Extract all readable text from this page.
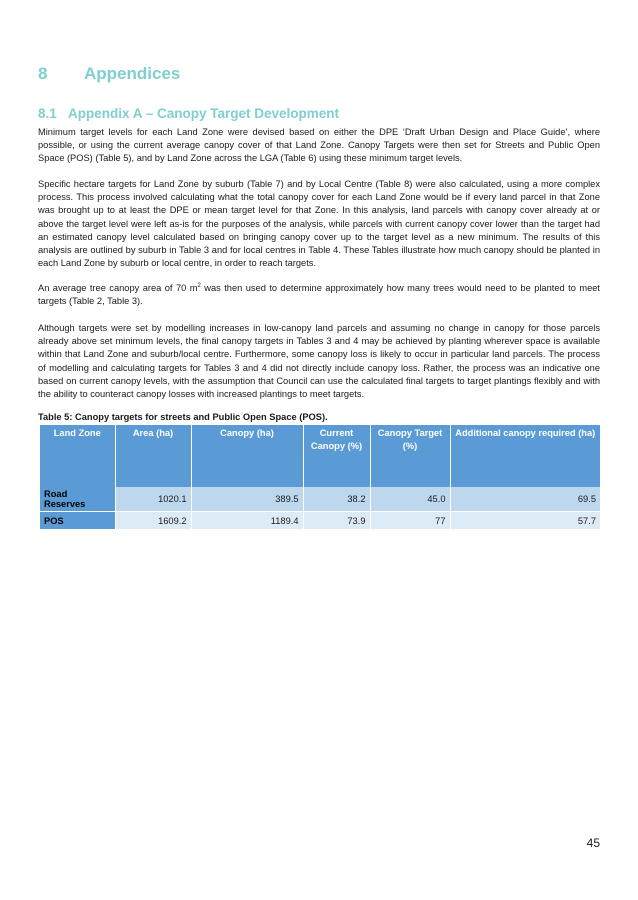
8 Appendices
8.1 Appendix A – Canopy Target Development

Minimum target levels for each Land Zone were devised based on either the DPE ‘Draft Urban Design and Place Guide’, where possible, or using the current average canopy cover of that Land Zone. Canopy Targets were then set for Streets and Public Open Space (POS) (Table 5), and by Land Zone across the LGA (Table 6) using these minimum target levels.

Specific hectare targets for Land Zone by suburb (Table 7) and by Local Centre (Table 8) were also calculated, using a more complex process. This process involved calculating what the total canopy cover for each Land Zone would be if every land parcel in that Zone was brought up to at least the DPE or mean target level for that Zone. In this analysis, land parcels with canopy cover already at or above the target level were left as-is for the purposes of the analysis, while parcels with current canopy cover lower than the target had an estimated canopy level calculated based on bringing canopy cover up to the target level as a new minimum. The results of this analysis are outlined by suburb in Table 3 and for local centres in Table 4. These Tables illustrate how much canopy should be planted in each Land Zone by suburb or local centre, in order to reach targets.

An average tree canopy area of 70 $m^2$ was then used to determine approximately how many trees would need to be planted to meet targets (Table 2, Table 3).

Although targets were set by modelling increases in low-canopy land parcels and assuming no change in canopy for those parcels already above set minimum levels, the final canopy targets in Tables 3 and 4 may be achieved by planting wherever space is available within that Land Zone and suburb/local centre. Furthermore, some canopy loss is likely to occur in particular land parcels. The process of modelling and calculating targets for Tables 3 and 4 did not directly include canopy loss. Rather, the process was an indicative one based on current canopy levels, with the assumption that Council can use the calculated final targets to target plantings flexibly and with the ability to counteract canopy losses with increased plantings to meet targets.

Table 5: Canopy targets for streets and Public Open Space (POS).
Land Zone	Area (ha)	Canopy (ha)	Current Canopy (%)	Canopy Target (%)	Additional canopy required (ha)
Road Reserves	1020.1	389.5	38.2	45.0	69.5
POS	1609.2	1189.4	73.9	77	57.7
45
